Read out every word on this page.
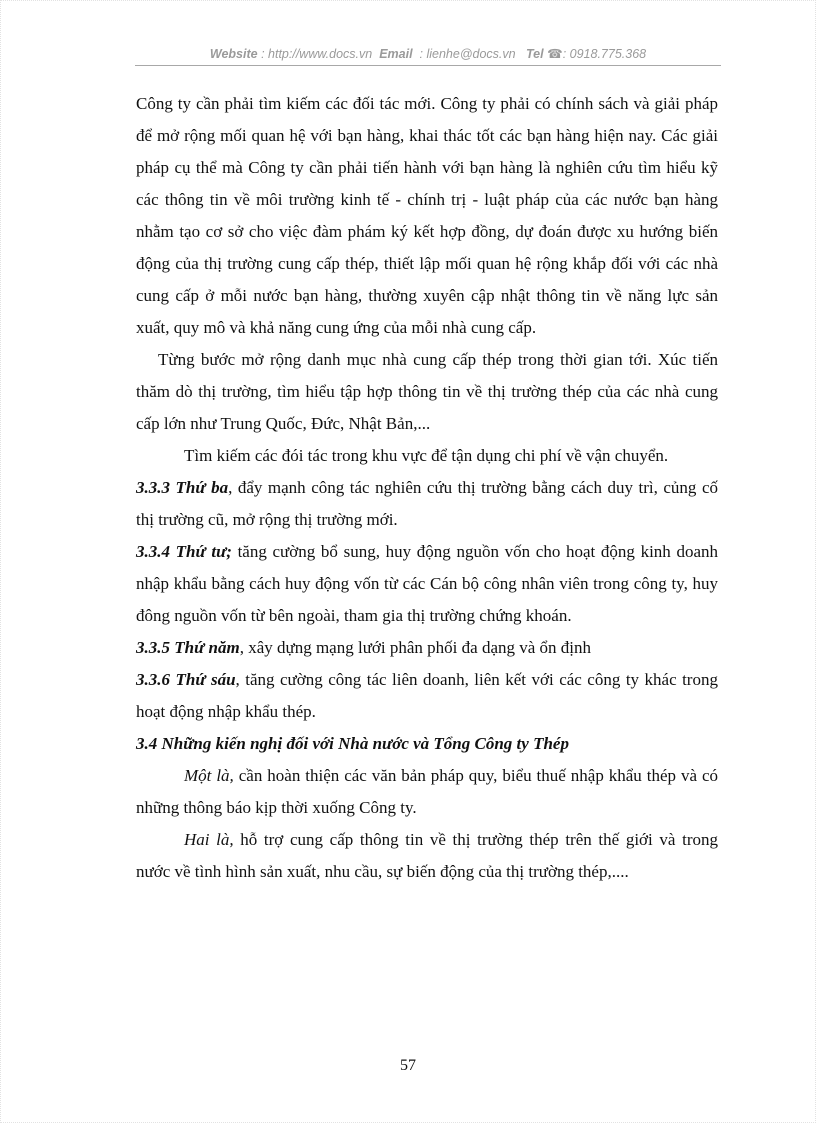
Website : http://www.docs.vn Email : lienhe@docs.vn Tel ☎: 0918.775.368

Công ty cần phải tìm kiếm các đối tác mới. Công ty phải có chính sách và giải pháp để mở rộng mối quan hệ với bạn hàng, khai thác tốt các bạn hàng hiện nay. Các giải pháp cụ thể mà Công ty cần phải tiến hành với bạn hàng là nghiên cứu tìm hiểu kỹ các thông tin về môi trường kinh tế - chính trị - luật pháp của các nước bạn hàng nhằm tạo cơ sở cho việc đàm phám ký kết hợp đồng, dự đoán được xu hướng biến động của thị trường cung cấp thép, thiết lập mối quan hệ rộng khắp đối với các nhà cung cấp ở mỗi nước bạn hàng, thường xuyên cập nhật thông tin về năng lực sản xuất, quy mô và khả năng cung ứng của mỗi nhà cung cấp.

Từng bước mở rộng danh mục nhà cung cấp thép trong thời gian tới. Xúc tiến thăm dò thị trường, tìm hiểu tập hợp thông tin về thị trường thép của các nhà cung cấp lớn như Trung Quốc, Đức, Nhật Bản,...

Tìm kiếm các đói tác trong khu vực để tận dụng chi phí về vận chuyển.

3.3.3 Thứ ba, đẩy mạnh công tác nghiên cứu thị trường bằng cách duy trì, củng cố thị trường cũ, mở rộng thị trường mới.

3.3.4 Thứ tư; tăng cường bổ sung, huy động nguồn vốn cho hoạt động kinh doanh nhập khẩu bằng cách huy động vốn từ các Cán bộ công nhân viên trong công ty, huy đông nguồn vốn từ bên ngoài, tham gia thị trường chứng khoán.

3.3.5 Thứ năm, xây dựng mạng lưới phân phối đa dạng và ổn định

3.3.6 Thứ sáu, tăng cường công tác liên doanh, liên kết với các công ty khác trong hoạt động nhập khẩu thép.

3.4 Những kiến nghị đối với Nhà nước và Tổng Công ty Thép

Một là, cần hoàn thiện các văn bản pháp quy, biểu thuế nhập khẩu thép và có những thông báo kịp thời xuống Công ty.

Hai là, hỗ trợ cung cấp thông tin về thị trường thép trên thế giới và trong nước về tình hình sản xuất, nhu cầu, sự biến động của thị trường thép,....

57
